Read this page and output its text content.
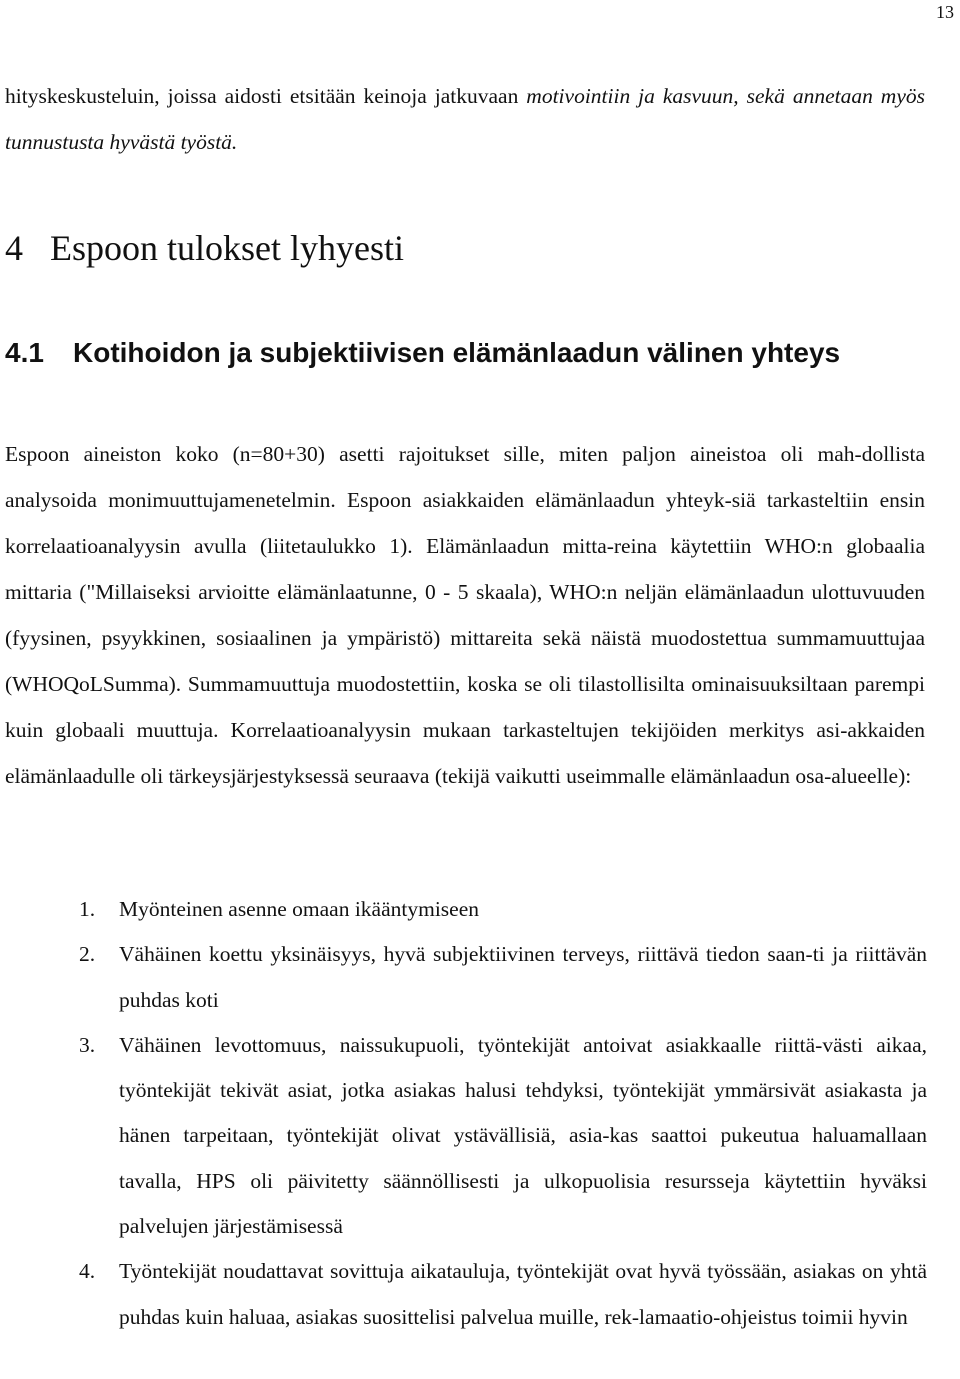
13

hityskeskusteluin, joissa aidosti etsitään keinoja jatkuvaan motivointiin ja kasvuun, sekä annetaan myös tunnustusta hyvästä työstä.

4   Espoon tulokset lyhyesti
4.1 Kotihoidon ja subjektiivisen elämänlaadun välinen yhteys

Espoon aineiston koko (n=80+30) asetti rajoitukset sille, miten paljon aineistoa oli mah-dollista analysoida monimuuttujamenetelmin. Espoon asiakkaiden elämänlaadun yhteyk-siä tarkasteltiin ensin korrelaatioanalyysin avulla (liitetaulukko 1). Elämänlaadun mitta-reina käytettiin WHO:n globaalia mittaria ("Millaiseksi arvioitte elämänlaatunne, 0 - 5 skaala), WHO:n neljän elämänlaadun ulottuvuuden (fyysinen, psyykkinen, sosiaalinen ja ympäristö) mittareita sekä näistä muodostettua summamuuttujaa (WHOQoLSumma). Summamuuttuja muodostettiin, koska se oli tilastollisilta ominaisuuksiltaan parempi kuin globaali muuttuja. Korrelaatioanalyysin mukaan tarkasteltujen tekijöiden merkitys asi-akkaiden elämänlaadulle oli tärkeysjärjestyksessä seuraava (tekijä vaikutti useimmalle elämänlaadun osa-alueelle):

1. Myönteinen asenne omaan ikääntymiseen
2. Vähäinen koettu yksinäisyys, hyvä subjektiivinen terveys, riittävä tiedon saan-ti ja riittävän puhdas koti
3. Vähäinen levottomuus, naissukupuoli, työntekijät antoivat asiakkaalle riittä-västi aikaa, työntekijät tekivät asiat, jotka asiakas halusi tehdyksi, työntekijät ymmärsivät asiakasta ja hänen tarpeitaan, työntekijät olivat ystävällisiä, asia-kas saattoi pukeutua haluamallaan tavalla, HPS oli päivitetty säännöllisesti ja ulkopuolisia resursseja käytettiin hyväksi palvelujen järjestämisessä
4. Työntekijät noudattavat sovittuja aikatauluja, työntekijät ovat hyvä työssään, asiakas on yhtä puhdas kuin haluaa, asiakas suosittelisi palvelua muille, rek-lamaatio-ohjeistus toimii hyvin
